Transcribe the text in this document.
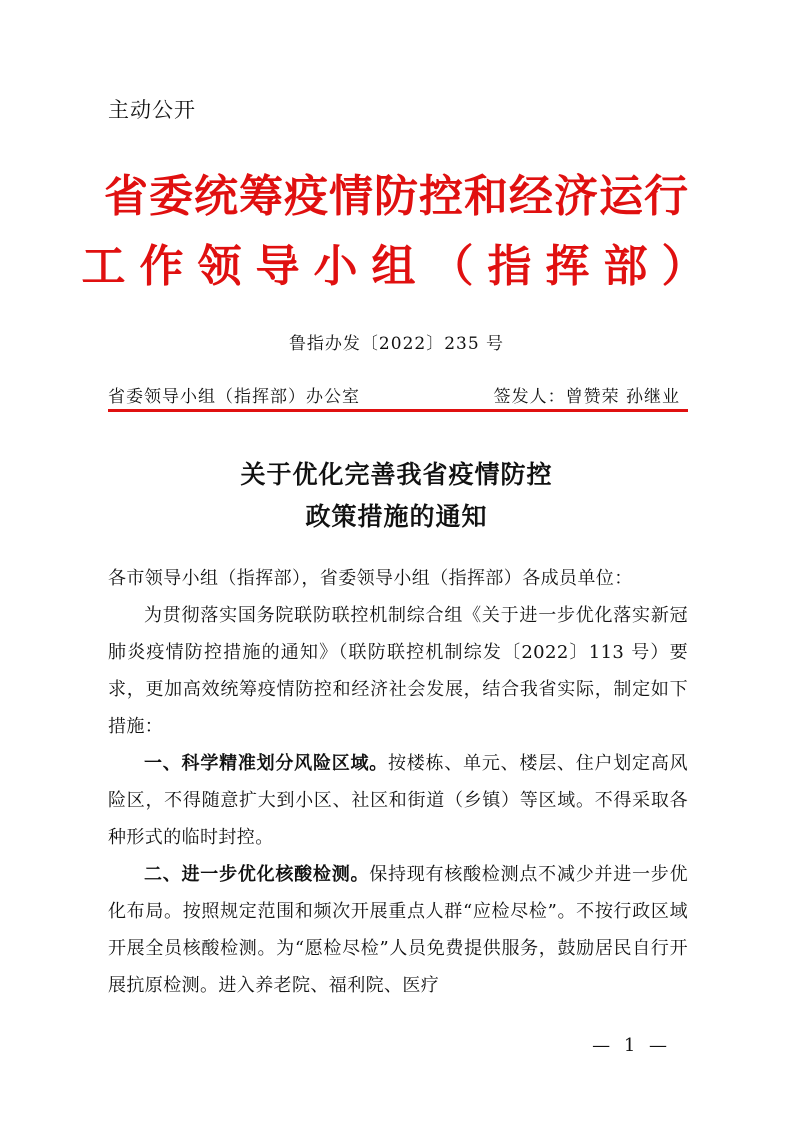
主动公开
省委统筹疫情防控和经济运行
工作领导小组（指挥部）
鲁指办发〔2022〕235 号
省委领导小组（指挥部）办公室	签发人：曾赞荣 孙继业
关于优化完善我省疫情防控
政策措施的通知
各市领导小组（指挥部），省委领导小组（指挥部）各成员单位：
为贯彻落实国务院联防联控机制综合组《关于进一步优化落实新冠肺炎疫情防控措施的通知》（联防联控机制综发〔2022〕113 号）要求，更加高效统筹疫情防控和经济社会发展，结合我省实际，制定如下措施：
一、科学精准划分风险区域。按楼栋、单元、楼层、住户划定高风险区，不得随意扩大到小区、社区和街道（乡镇）等区域。不得采取各种形式的临时封控。
二、进一步优化核酸检测。保持现有核酸检测点不减少并进一步优化布局。按照规定范围和频次开展重点人群“应检尽检”。不按行政区域开展全员核酸检测。为“愿检尽检”人员免费提供服务，鼓励居民自行开展抗原检测。进入养老院、福利院、医疗
— 1 —
